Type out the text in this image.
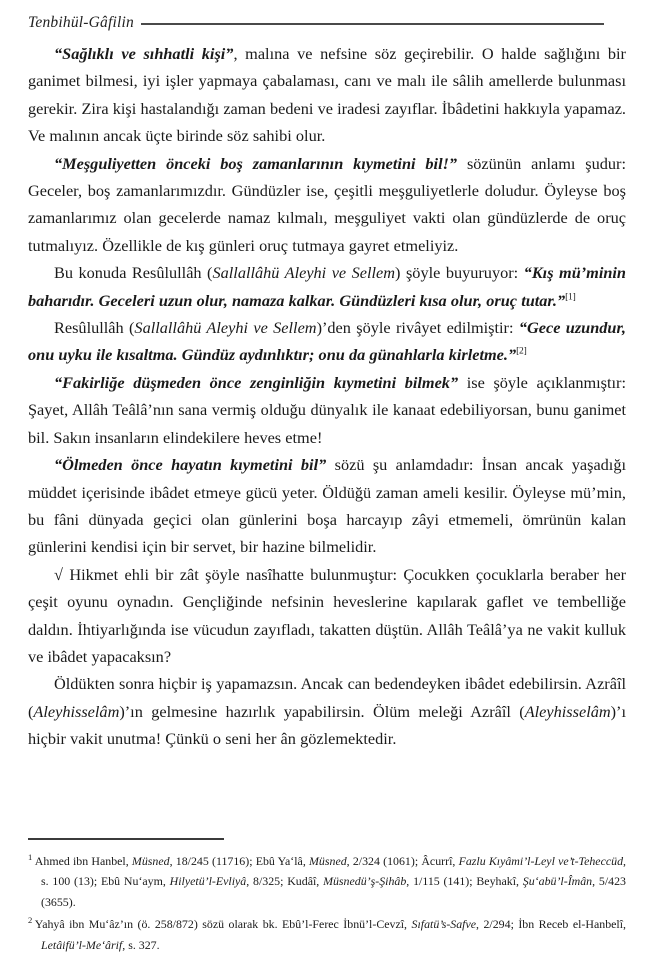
Tenbihül-Gâfilin

“Sağlıklı ve sıhhatli kişi”, malına ve nefsine söz geçirebilir. O halde sağlığını bir ganimet bilmesi, iyi işler yapmaya çabalaması, canı ve malı ile sâlih amellerde bulunması gerekir. Zira kişi hastalandığı zaman bedeni ve iradesi zayıflar. İbâdetini hakkıyla yapamaz. Ve malının ancak üçte birinde söz sahibi olur.

“Meşguliyetten önceki boş zamanlarının kıymetini bil!” sözünün anlamı şudur: Geceler, boş zamanlarımızdır. Gündüzler ise, çeşitli meşguliyetlerle doludur. Öyleyse boş zamanlarımız olan gecelerde namaz kılmalı, meşguliyet vakti olan gündüzlerde de oruç tutmalıyız. Özellikle de kış günleri oruç tutmaya gayret etmeliyiz.

Bu konuda Resûlullâh (Sallallâhü Aleyhi ve Sellem) şöyle buyuruyor: “Kış mü’minin baharıdır. Geceleri uzun olur, namaza kalkar. Gündüzleri kısa olur, oruç tutar.”[1]

Resûlullâh (Sallallâhü Aleyhi ve Sellem)’den şöyle rivâyet edilmiştir: “Gece uzundur, onu uyku ile kısaltma. Gündüz aydınlıktır; onu da günahlarla kirletme.”[2]

“Fakirliğe düşmeden önce zenginliğin kıymetini bilmek” ise şöyle açıklanmıştır: Şayet, Allâh Teâlâ’nın sana vermiş olduğu dünyalık ile kanaat edebiliyorsan, bunu ganimet bil. Sakın insanların elindekilere heves etme!

“Ölmeden önce hayatın kıymetini bil” sözü şu anlamdadır: İnsan ancak yaşadığı müddet içerisinde ibâdet etmeye gücü yeter. Öldüğü zaman ameli kesilir. Öyleyse mü’min, bu fâni dünyada geçici olan günlerini boşa harcayıp zâyi etmemeli, ömrünün kalan günlerini kendisi için bir servet, bir hazine bilmelidir.

√ Hikmet ehli bir zât şöyle nasîhatte bulunmuştur: Çocukken çocuklarla beraber her çeşit oyunu oynadın. Gençliğinde nefsinin heveslerine kapılarak gaflet ve tembelliğe daldın. İhtiyarlığında ise vücudun zayıfladı, takatten düştün. Allâh Teâlâ’ya ne vakit kulluk ve ibâdet yapacaksın?

Öldükten sonra hiçbir iş yapamazsın. Ancak can bedendeyken ibâdet edebilirsin. Azrâîl (Aleyhisselâm)’ın gelmesine hazırlık yapabilirsin. Ölüm meleği Azrâîl (Aleyhisselâm)’ı hiçbir vakit unutma! Çünkü o seni her ân gözlemektedir.

$^1$ Ahmed ibn Hanbel, Müsned, 18/245 (11716); Ebû Ya‘lâ, Müsned, 2/324 (1061); Âcurrî, Fazlu Kıyâmi’l-Leyl ve’t-Teheccüd, s. 100 (13); Ebû Nu‘aym, Hilyetü’l-Evliyâ, 8/325; Kudâî, Müsnedü’ş-Şihâb, 1/115 (141); Beyhakî, Şu‘abü’l-Îmân, 5/423 (3655).

$^2$ Yahyâ ibn Mu‘âz’ın (ö. 258/872) sözü olarak bk. Ebû’l-Ferec İbnü’l-Cevzî, Sıfatü’s-Safve, 2/294; İbn Receb el-Hanbelî, Letâifü’l-Me‘ârif, s. 327.
